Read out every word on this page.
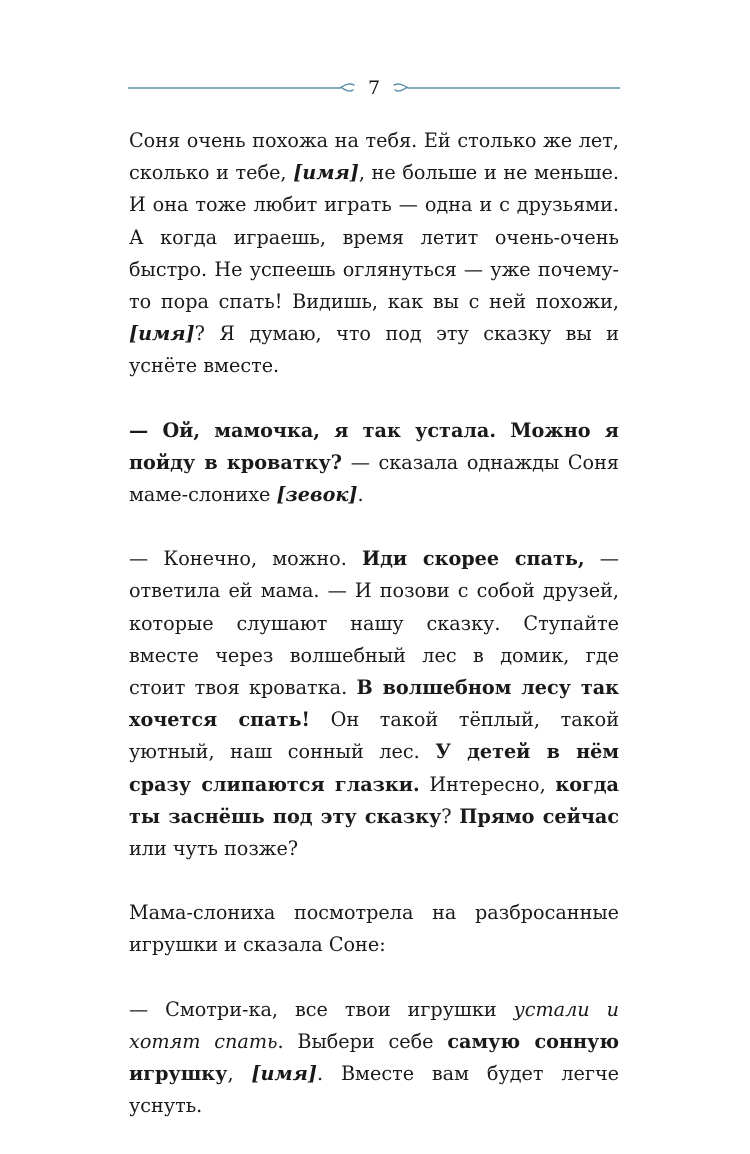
7

Соня очень похожа на тебя. Ей столько же лет, сколько и тебе, [имя], не больше и не меньше. И она тоже любит играть — одна и с друзьями. А когда играешь, время летит очень-очень быстро. Не успеешь оглянуться — уже почему-то пора спать! Видишь, как вы с ней похожи, [имя]? Я думаю, что под эту сказку вы и уснёте вместе.

— Ой, мамочка, я так устала. Можно я пойду в кроватку? — сказала однажды Соня маме-слонихе [зевок].

— Конечно, можно. Иди скорее спать, — ответила ей мама. — И позови с собой друзей, которые слушают нашу сказку. Ступайте вместе через волшебный лес в домик, где стоит твоя кроватка. В волшебном лесу так хочется спать! Он такой тёплый, такой уютный, наш сонный лес. У детей в нём сразу слипаются глазки. Интересно, когда ты заснёшь под эту сказку? Прямо сейчас или чуть позже?

Мама-слониха посмотрела на разбросанные игрушки и сказала Соне:

— Смотри-ка, все твои игрушки устали и хотят спать. Выбери себе самую сонную игрушку, [имя]. Вместе вам будет легче уснуть.
